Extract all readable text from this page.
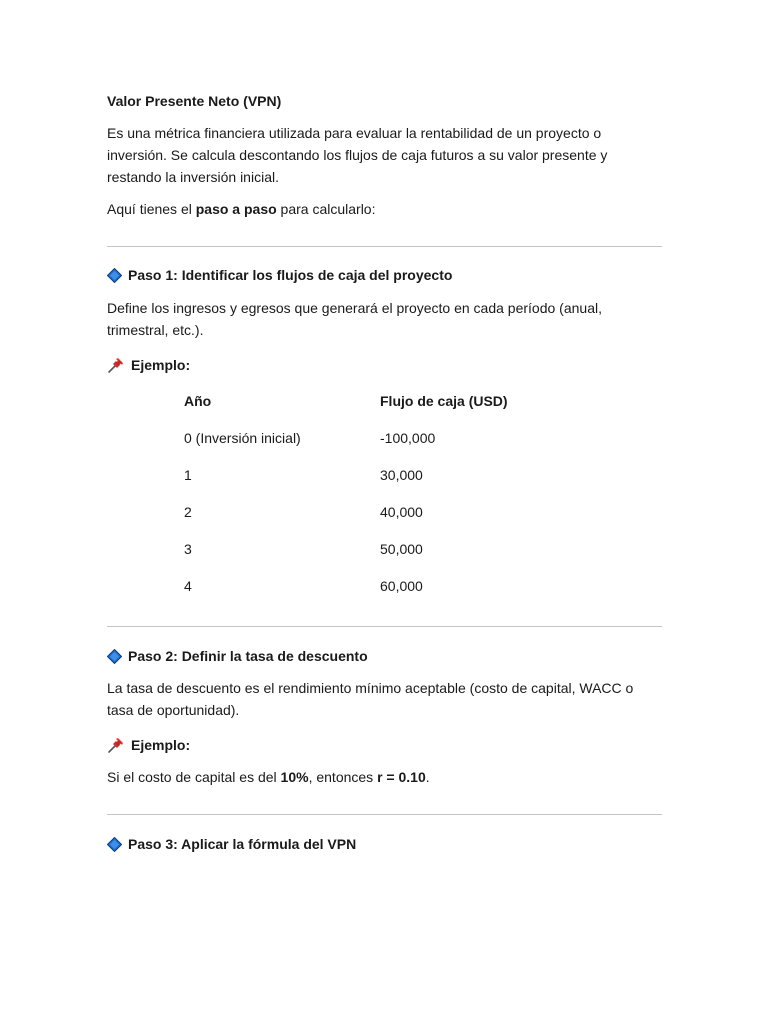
Valor Presente Neto (VPN)

Es una métrica financiera utilizada para evaluar la rentabilidad de un proyecto o inversión. Se calcula descontando los flujos de caja futuros a su valor presente y restando la inversión inicial.

Aquí tienes el paso a paso para calcularlo:

Paso 1: Identificar los flujos de caja del proyecto

Define los ingresos y egresos que generará el proyecto en cada período (anual, trimestral, etc.).

Ejemplo:
Año	Flujo de caja (USD)
0 (Inversión inicial)	-100,000
1	30,000
2	40,000
3	50,000
4	60,000
Paso 2: Definir la tasa de descuento

La tasa de descuento es el rendimiento mínimo aceptable (costo de capital, WACC o tasa de oportunidad).

Ejemplo:

Si el costo de capital es del 10%, entonces r = 0.10.

Paso 3: Aplicar la fórmula del VPN
